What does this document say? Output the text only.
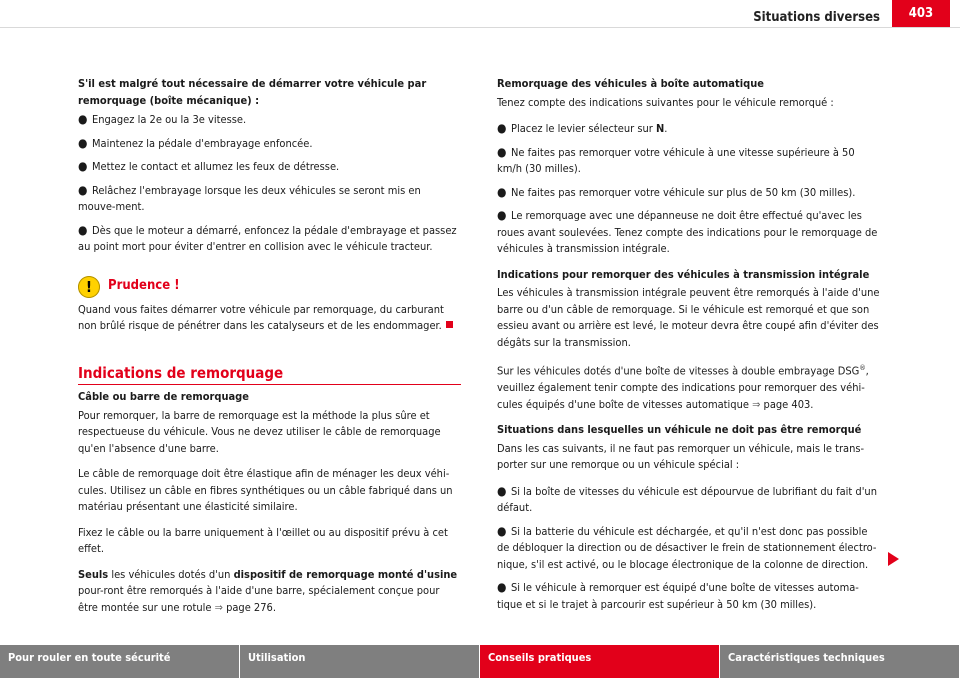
Situations diverses	403
S'il est malgré tout nécessaire de démarrer votre véhicule par remorquage (boîte mécanique) :
● Engagez la 2e ou la 3e vitesse.
● Maintenez la pédale d'embrayage enfoncée.
● Mettez le contact et allumez les feux de détresse.
● Relâchez l'embrayage lorsque les deux véhicules se seront mis en mouve-ment.
● Dès que le moteur a démarré, enfoncez la pédale d'embrayage et passez au point mort pour éviter d'entrer en collision avec le véhicule tracteur.
!	Prudence !

Quand vous faites démarrer votre véhicule par remorquage, du carburant non brûlé risque de pénétrer dans les catalyseurs et de les endommager.

Indications de remorquage
Câble ou barre de remorquage

Pour remorquer, la barre de remorquage est la méthode la plus sûre et respectueuse du véhicule. Vous ne devez utiliser le câble de remorquage qu'en l'absence d'une barre.

Le câble de remorquage doit être élastique afin de ménager les deux véhi-cules. Utilisez un câble en fibres synthétiques ou un câble fabriqué dans un matériau présentant une élasticité similaire.

Fixez le câble ou la barre uniquement à l'œillet ou au dispositif prévu à cet effet.

Seuls les véhicules dotés d'un dispositif de remorquage monté d'usine pour-ront être remorqués à l'aide d'une barre, spécialement conçue pour être montée sur une rotule ⇒ page 276.

Remorquage des véhicules à boîte automatique

Tenez compte des indications suivantes pour le véhicule remorqué :

● Placez le levier sélecteur sur N.
● Ne faites pas remorquer votre véhicule à une vitesse supérieure à 50 km/h (30 milles).
● Ne faites pas remorquer votre véhicule sur plus de 50 km (30 milles).
● Le remorquage avec une dépanneuse ne doit être effectué qu'avec les roues avant soulevées. Tenez compte des indications pour le remorquage de véhicules à transmission intégrale.
Indications pour remorquer des véhicules à transmission intégrale

Les véhicules à transmission intégrale peuvent être remorqués à l'aide d'une barre ou d'un câble de remorquage. Si le véhicule est remorqué et que son essieu avant ou arrière est levé, le moteur devra être coupé afin d'éviter des dégâts sur la transmission.

Sur les véhicules dotés d'une boîte de vitesses à double embrayage DSG®, veuillez également tenir compte des indications pour remorquer des véhi-cules équipés d'une boîte de vitesses automatique ⇒ page 403.

Situations dans lesquelles un véhicule ne doit pas être remorqué

Dans les cas suivants, il ne faut pas remorquer un véhicule, mais le trans-porter sur une remorque ou un véhicule spécial :

● Si la boîte de vitesses du véhicule est dépourvue de lubrifiant du fait d'un défaut.
● Si la batterie du véhicule est déchargée, et qu'il n'est donc pas possible de débloquer la direction ou de désactiver le frein de stationnement électro-nique, s'il est activé, ou le blocage électronique de la colonne de direction.
● Si le véhicule à remorquer est équipé d'une boîte de vitesses automa-tique et si le trajet à parcourir est supérieur à 50 km (30 milles).
Pour rouler en toute sécurité	Utilisation	Conseils pratiques	Caractéristiques techniques
